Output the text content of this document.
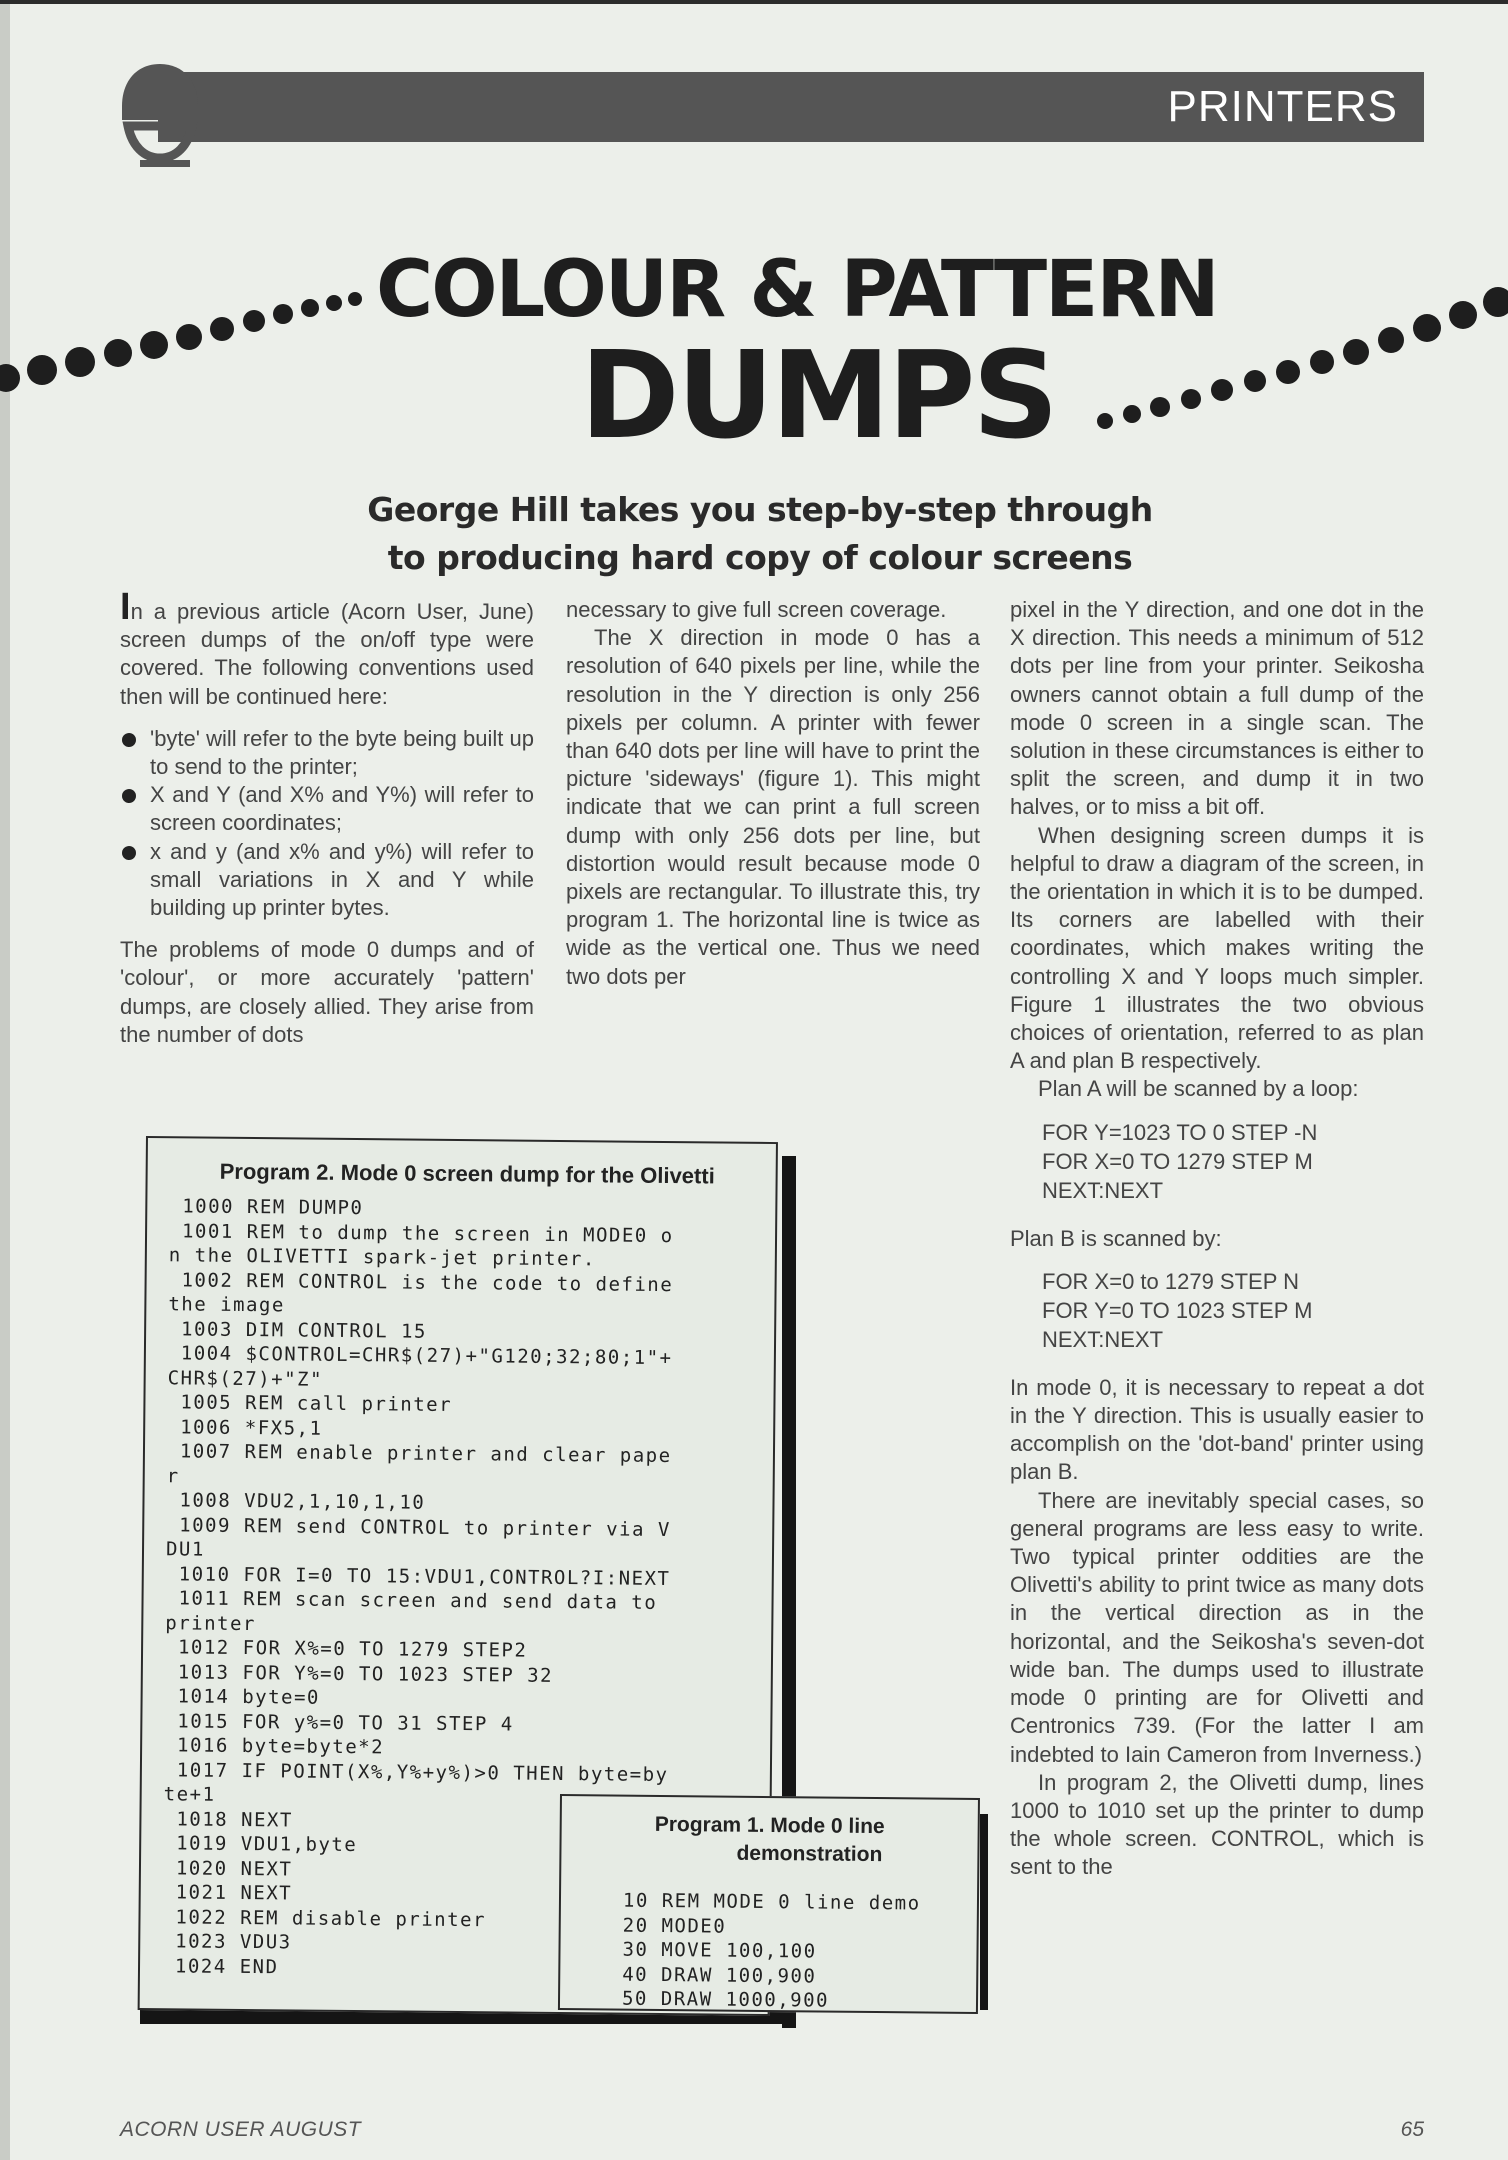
PRINTERS
COLOUR & PATTERN
DUMPS
George Hill takes you step-by-step through
to producing hard copy of colour screens

In a previous article (Acorn User, June) screen dumps of the on/off type were covered. The following conventions used then will be continued here:

'byte' will refer to the byte being built up to send to the printer;
X and Y (and X% and Y%) will refer to screen coordinates;
x and y (and x% and y%) will refer to small variations in X and Y while building up printer bytes.

The problems of mode 0 dumps and of 'colour', or more accurately 'pattern' dumps, are closely allied. They arise from the number of dots

necessary to give full screen coverage.

The X direction in mode 0 has a resolution of 640 pixels per line, while the resolution in the Y direction is only 256 pixels per column. A printer with fewer than 640 dots per line will have to print the picture 'sideways' (figure 1). This might indicate that we can print a full screen dump with only 256 dots per line, but distortion would result because mode 0 pixels are rectangular. To illustrate this, try program 1. The horizontal line is twice as wide as the vertical one. Thus we need two dots per

pixel in the Y direction, and one dot in the X direction. This needs a minimum of 512 dots per line from your printer. Seikosha owners cannot obtain a full dump of the mode 0 screen in a single scan. The solution in these circumstances is either to split the screen, and dump it in two halves, or to miss a bit off.

When designing screen dumps it is helpful to draw a diagram of the screen, in the orientation in which it is to be dumped. Its corners are labelled with their coordinates, which makes writing the controlling X and Y loops much simpler. Figure 1 illustrates the two obvious choices of orientation, referred to as plan A and plan B respectively.

Plan A will be scanned by a loop:

FOR Y=1023 TO 0 STEP -N
FOR X=0 TO 1279 STEP M
NEXT:NEXT

Plan B is scanned by:

FOR X=0 to 1279 STEP N
FOR Y=0 TO 1023 STEP M
NEXT:NEXT

In mode 0, it is necessary to repeat a dot in the Y direction. This is usually easier to accomplish on the 'dot-band' printer using plan B.

There are inevitably special cases, so general programs are less easy to write. Two typical printer oddities are the Olivetti's ability to print twice as many dots in the vertical direction as in the horizontal, and the Seikosha's seven-dot wide ban. The dumps used to illustrate mode 0 printing are for Olivetti and Centronics 739. (For the latter I am indebted to Iain Cameron from Inverness.)

In program 2, the Olivetti dump, lines 1000 to 1010 set up the printer to dump the whole screen. CONTROL, which is sent to the

Program 2. Mode 0 screen dump for the Olivetti
1000 REM DUMP0
1001 REM to dump the screen in MODE0 o
n the OLIVETTI spark-jet printer.
1002 REM CONTROL is the code to define
the image
1003 DIM CONTROL 15
1004 $CONTROL=CHR$(27)+"G120;32;80;1"+
CHR$(27)+"Z"
1005 REM call printer
1006 *FX5,1
1007 REM enable printer and clear pape
r
1008 VDU2,1,10,1,10
1009 REM send CONTROL to printer via V
DU1
1010 FOR I=0 TO 15:VDU1,CONTROL?I:NEXT
1011 REM scan screen and send data to
printer
1012 FOR X%=0 TO 1279 STEP2
1013 FOR Y%=0 TO 1023 STEP 32
1014 byte=0
1015 FOR y%=0 TO 31 STEP 4
1016 byte=byte*2
1017 IF POINT(X%,Y%+y%)>0 THEN byte=by
te+1
1018 NEXT
1019 VDU1,byte
1020 NEXT
1021 NEXT
1022 REM disable printer
1023 VDU3
1024 END
Program 1. Mode 0 line
demonstration
10 REM MODE 0 line demo
20 MODE0
30 MOVE 100,100
40 DRAW 100,900
50 DRAW 1000,900
ACORN USER AUGUST	65
